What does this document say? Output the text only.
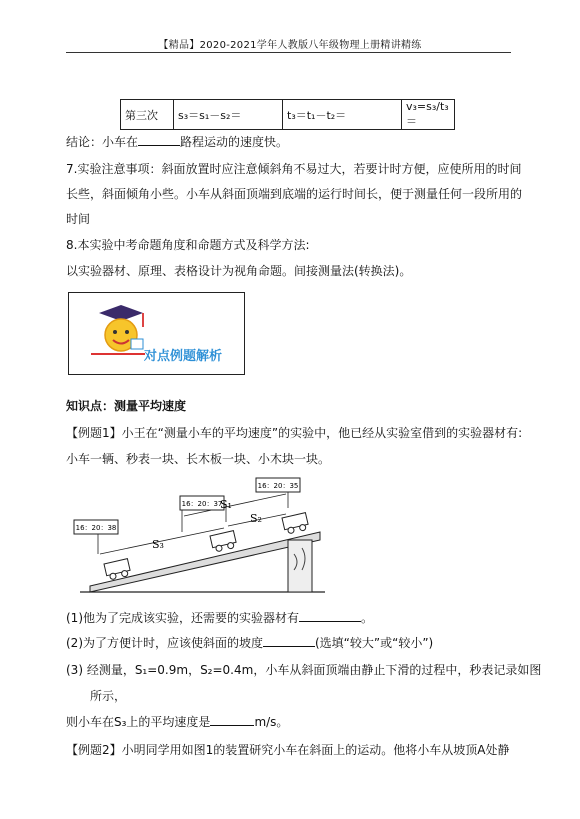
【精品】2020-2021学年人教版八年级物理上册精讲精练
第三次	s₃＝s₁－s₂＝	t₃＝t₁－t₂＝	v₃=s₃/t₃＝
结论：小车在	路程运动的速度快。
7.实验注意事项：斜面放置时应注意倾斜角不易过大，若要计时方便，应使所用的时间
长些，斜面倾角小些。小车从斜面顶端到底端的运行时间长，便于测量任何一段所用的
时间
8.本实验中考命题角度和命题方式及科学方法:
以实验器材、原理、表格设计为视角命题。间接测量法(转换法)。
对点例题解析
知识点：测量平均速度
【例题1】小王在“测量小车的平均速度”的实验中，他已经从实验室借到的实验器材有:
小车一辆、秒表一块、长木板一块、小木块一块。
16：20：38
16：20：37
16：20：35
S₁
S₂
S₃
(1)他为了完成该实验，还需要的实验器材有	。
(2)为了方便计时，应该使斜面的坡度	(选填“较大”或“较小”)
(3) 经测量，S₁=0.9m，S₂=0.4m，小车从斜面顶端由静止下滑的过程中，秒表记录如图
所示，
则小车在S₃上的平均速度是	m/s。
【例题2】小明同学用如图1的装置研究小车在斜面上的运动。他将小车从坡顶A处静
